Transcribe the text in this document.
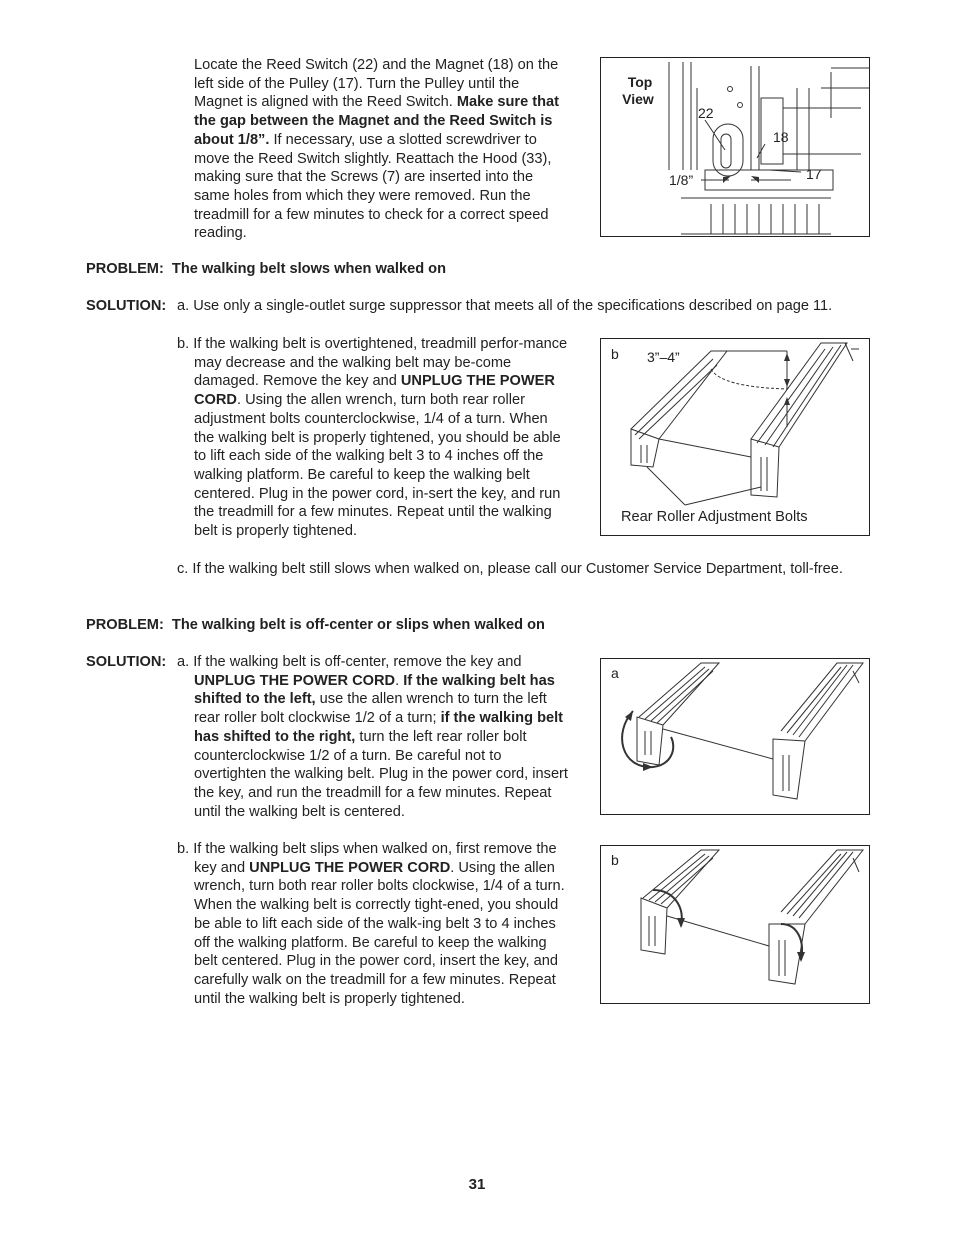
Locate the Reed Switch (22) and the Magnet (18) on the left side of the Pulley (17). Turn the Pulley until the Magnet is aligned with the Reed Switch. Make sure that the gap between the Magnet and the Reed Switch is about 1/8”. If necessary, use a slotted screwdriver to move the Reed Switch slightly. Reattach the Hood (33), making sure that the Screws (7) are inserted into the same holes from which they were removed. Run the treadmill for a few minutes to check for a correct speed reading.
Top
View
22
18
17
1/8”
PROBLEM: The walking belt slows when walked on
SOLUTION: a. Use only a single-outlet surge suppressor that meets all of the specifications described on page 11.
b. If the walking belt is overtightened, treadmill perfor-mance may decrease and the walking belt may be-come damaged. Remove the key and UNPLUG THE POWER CORD. Using the allen wrench, turn both rear roller adjustment bolts counterclockwise, 1/4 of a turn. When the walking belt is properly tightened, you should be able to lift each side of the walking belt 3 to 4 inches off the walking platform. Be careful to keep the walking belt centered. Plug in the power cord, in-sert the key, and run the treadmill for a few minutes. Repeat until the walking belt is properly tightened.
b 3”–4”
Rear Roller Adjustment Bolts
c. If the walking belt still slows when walked on, please call our Customer Service Department, toll-free.
PROBLEM: The walking belt is off-center or slips when walked on
SOLUTION: a. If the walking belt is off-center, remove the key and UNPLUG THE POWER CORD. If the walking belt has shifted to the left, use the allen wrench to turn the left rear roller bolt clockwise 1/2 of a turn; if the walking belt has shifted to the right, turn the left rear roller bolt counterclockwise 1/2 of a turn. Be careful not to overtighten the walking belt. Plug in the power cord, insert the key, and run the treadmill for a few minutes. Repeat until the walking belt is centered.
a
b. If the walking belt slips when walked on, first remove the key and UNPLUG THE POWER CORD. Using the allen wrench, turn both rear roller bolts clockwise, 1/4 of a turn. When the walking belt is correctly tight-ened, you should be able to lift each side of the walk-ing belt 3 to 4 inches off the walking platform. Be careful to keep the walking belt centered. Plug in the power cord, insert the key, and carefully walk on the treadmill for a few minutes. Repeat until the walking belt is properly tightened.
b
31
